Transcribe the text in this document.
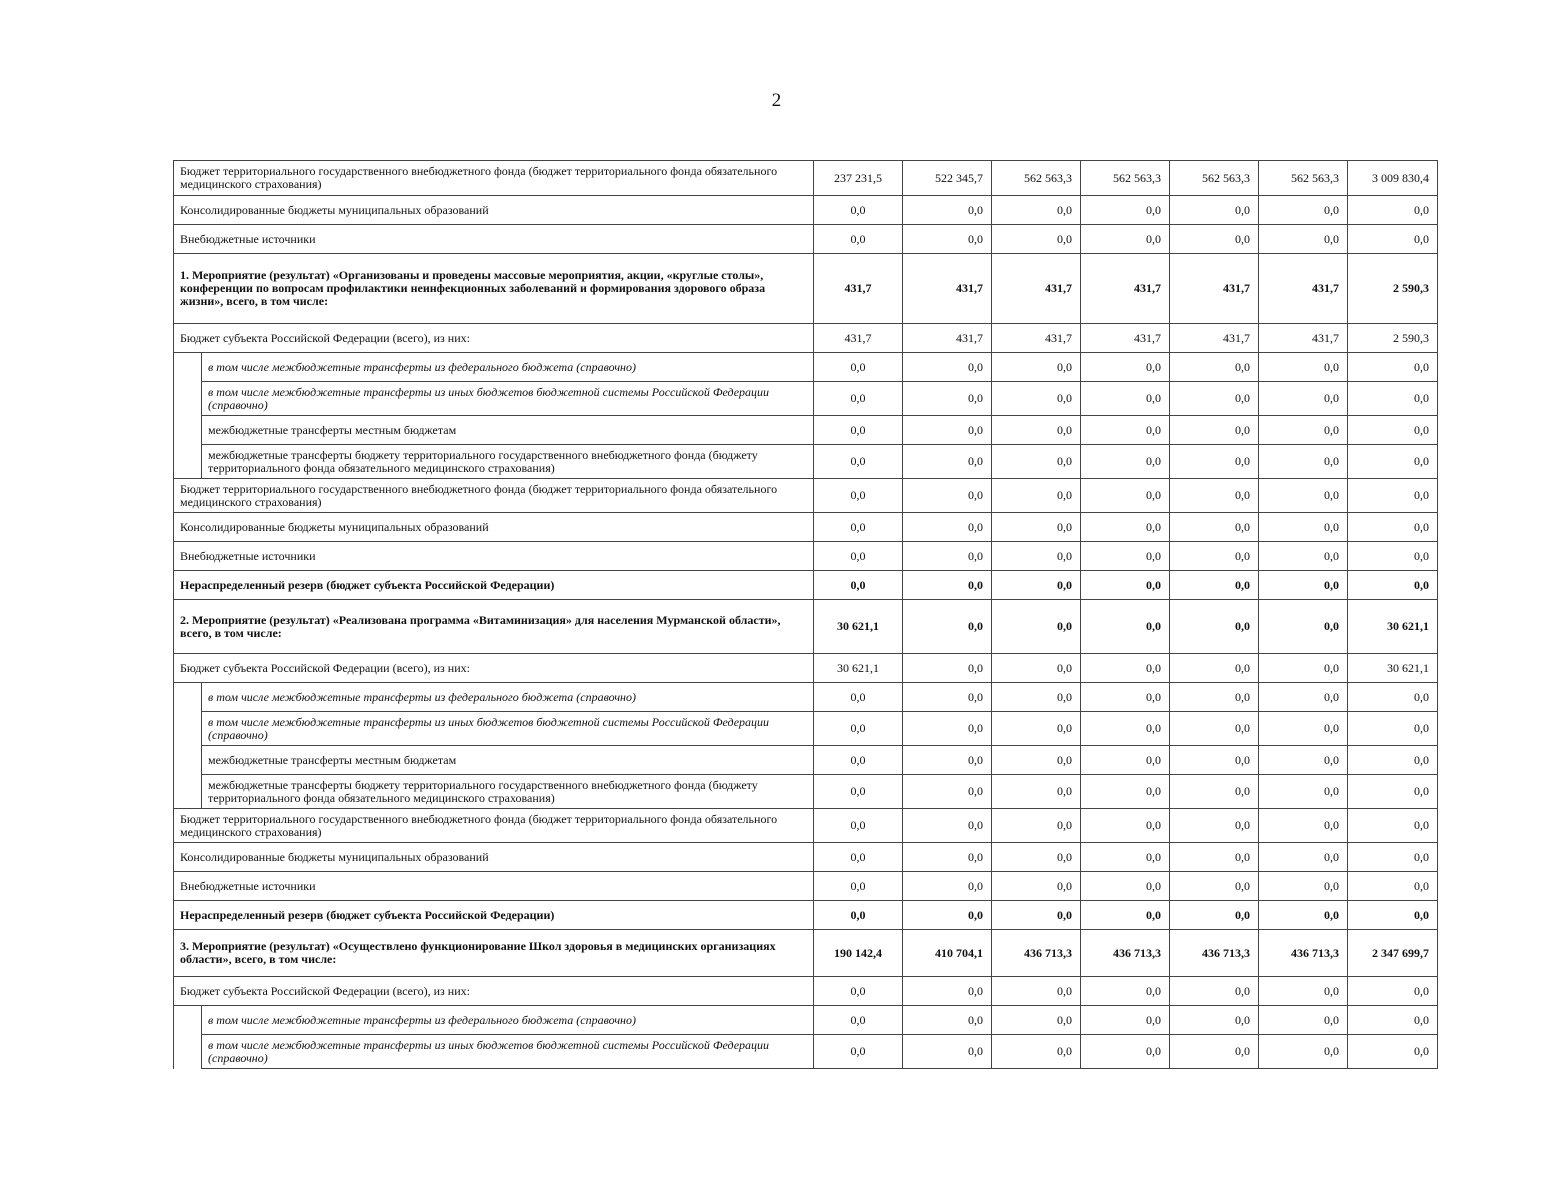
2
Бюджет территориального государственного внебюджетного фонда (бюджет территориального фонда обязательного медицинского страхования)		237 231,5	522 345,7	562 563,3	562 563,3	562 563,3	562 563,3	3 009 830,4
Консолидированные бюджеты муниципальных образований		0,0	0,0	0,0	0,0	0,0	0,0	0,0
Внебюджетные источники		0,0	0,0	0,0	0,0	0,0	0,0	0,0
1. Мероприятие (результат) «Организованы и проведены массовые мероприятия, акции, «круглые столы», конференции по вопросам профилактики неинфекционных заболеваний и формирования здорового образа жизни», всего, в том числе:		431,7	431,7	431,7	431,7	431,7	431,7	2 590,3
Бюджет субъекта Российской Федерации (всего), из них:		431,7	431,7	431,7	431,7	431,7	431,7	2 590,3
	в том числе межбюджетные трансферты из федерального бюджета (справочно)	0,0	0,0	0,0	0,0	0,0	0,0	0,0
	в том числе межбюджетные трансферты из иных бюджетов бюджетной системы Российской Федерации (справочно)	0,0	0,0	0,0	0,0	0,0	0,0	0,0
	межбюджетные трансферты местным бюджетам	0,0	0,0	0,0	0,0	0,0	0,0	0,0
	межбюджетные трансферты бюджету территориального государственного внебюджетного фонда (бюджету территориального фонда обязательного медицинского страхования)	0,0	0,0	0,0	0,0	0,0	0,0	0,0
Бюджет территориального государственного внебюджетного фонда (бюджет территориального фонда обязательного медицинского страхования)		0,0	0,0	0,0	0,0	0,0	0,0	0,0
Консолидированные бюджеты муниципальных образований		0,0	0,0	0,0	0,0	0,0	0,0	0,0
Внебюджетные источники		0,0	0,0	0,0	0,0	0,0	0,0	0,0
Нераспределенный резерв (бюджет субъекта Российской Федерации)		0,0	0,0	0,0	0,0	0,0	0,0	0,0
2. Мероприятие (результат) «Реализована программа «Витаминизация» для населения Мурманской области», всего, в том числе:		30 621,1	0,0	0,0	0,0	0,0	0,0	30 621,1
Бюджет субъекта Российской Федерации (всего), из них:		30 621,1	0,0	0,0	0,0	0,0	0,0	30 621,1
	в том числе межбюджетные трансферты из федерального бюджета (справочно)	0,0	0,0	0,0	0,0	0,0	0,0	0,0
	в том числе межбюджетные трансферты из иных бюджетов бюджетной системы Российской Федерации (справочно)	0,0	0,0	0,0	0,0	0,0	0,0	0,0
	межбюджетные трансферты местным бюджетам	0,0	0,0	0,0	0,0	0,0	0,0	0,0
	межбюджетные трансферты бюджету территориального государственного внебюджетного фонда (бюджету территориального фонда обязательного медицинского страхования)	0,0	0,0	0,0	0,0	0,0	0,0	0,0
Бюджет территориального государственного внебюджетного фонда (бюджет территориального фонда обязательного медицинского страхования)		0,0	0,0	0,0	0,0	0,0	0,0	0,0
Консолидированные бюджеты муниципальных образований		0,0	0,0	0,0	0,0	0,0	0,0	0,0
Внебюджетные источники		0,0	0,0	0,0	0,0	0,0	0,0	0,0
Нераспределенный резерв (бюджет субъекта Российской Федерации)		0,0	0,0	0,0	0,0	0,0	0,0	0,0
3. Мероприятие (результат) «Осуществлено функционирование Школ здоровья в медицинских организациях области», всего, в том числе:		190 142,4	410 704,1	436 713,3	436 713,3	436 713,3	436 713,3	2 347 699,7
Бюджет субъекта Российской Федерации (всего), из них:		0,0	0,0	0,0	0,0	0,0	0,0	0,0
	в том числе межбюджетные трансферты из федерального бюджета (справочно)	0,0	0,0	0,0	0,0	0,0	0,0	0,0
	в том числе межбюджетные трансферты из иных бюджетов бюджетной системы Российской Федерации (справочно)	0,0	0,0	0,0	0,0	0,0	0,0	0,0
